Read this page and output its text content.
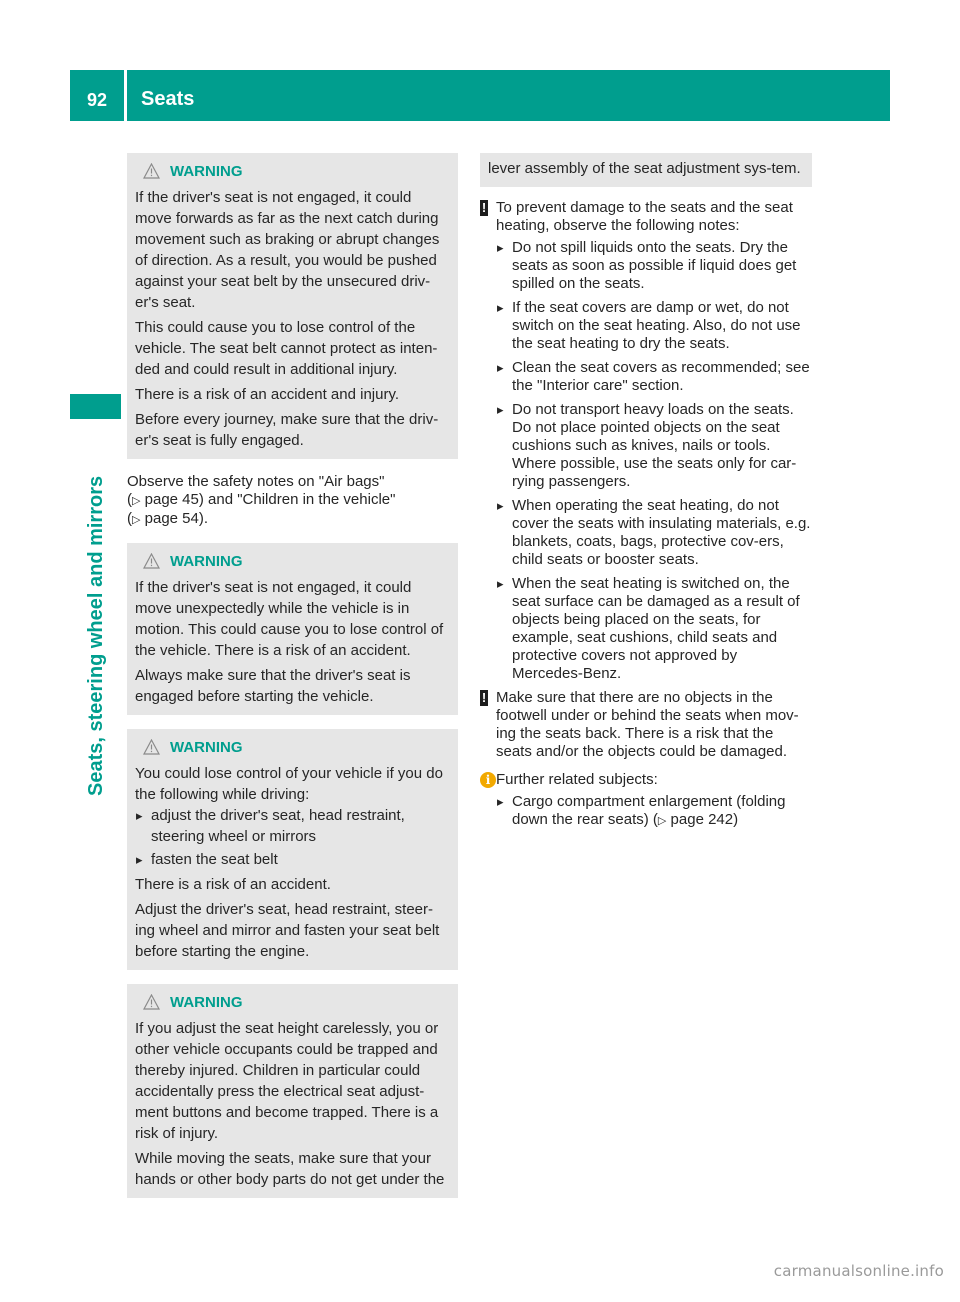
92	Seats
Seats, steering wheel and mirrors
WARNING

If the driver's seat is not engaged, it could move forwards as far as the next catch during movement such as braking or abrupt changes of direction. As a result, you would be pushed against your seat belt by the unsecured driv-er's seat.

This could cause you to lose control of the vehicle. The seat belt cannot protect as inten-ded and could result in additional injury.

There is a risk of an accident and injury.

Before every journey, make sure that the driv-er's seat is fully engaged.

Observe the safety notes on "Air bags"
(▷ page 45) and "Children in the vehicle"
(▷ page 54).
WARNING

If the driver's seat is not engaged, it could move unexpectedly while the vehicle is in motion. This could cause you to lose control of the vehicle. There is a risk of an accident.

Always make sure that the driver's seat is engaged before starting the vehicle.

WARNING

You could lose control of your vehicle if you do the following while driving:

▸ adjust the driver's seat, head restraint, steering wheel or mirrors
▸ fasten the seat belt

There is a risk of an accident.

Adjust the driver's seat, head restraint, steer-ing wheel and mirror and fasten your seat belt before starting the engine.

WARNING

If you adjust the seat height carelessly, you or other vehicle occupants could be trapped and thereby injured. Children in particular could accidentally press the electrical seat adjust-ment buttons and become trapped. There is a risk of injury.

While moving the seats, make sure that your hands or other body parts do not get under the

lever assembly of the seat adjustment sys-tem.
! To prevent damage to the seats and the seat heating, observe the following notes:
▸ Do not spill liquids onto the seats. Dry the seats as soon as possible if liquid does get spilled on the seats.
▸ If the seat covers are damp or wet, do not switch on the seat heating. Also, do not use the seat heating to dry the seats.
▸ Clean the seat covers as recommended; see the "Interior care" section.
▸ Do not transport heavy loads on the seats. Do not place pointed objects on the seat cushions such as knives, nails or tools. Where possible, use the seats only for car-rying passengers.
▸ When operating the seat heating, do not cover the seats with insulating materials, e.g. blankets, coats, bags, protective cov-ers, child seats or booster seats.
▸ When the seat heating is switched on, the seat surface can be damaged as a result of objects being placed on the seats, for example, seat cushions, child seats and protective covers not approved by Mercedes-Benz.
! Make sure that there are no objects in the footwell under or behind the seats when mov-ing the seats back. There is a risk that the seats and/or the objects could be damaged.
i Further related subjects:
▸ Cargo compartment enlargement (folding down the rear seats) (▷ page 242)
carmanualsonline.info
